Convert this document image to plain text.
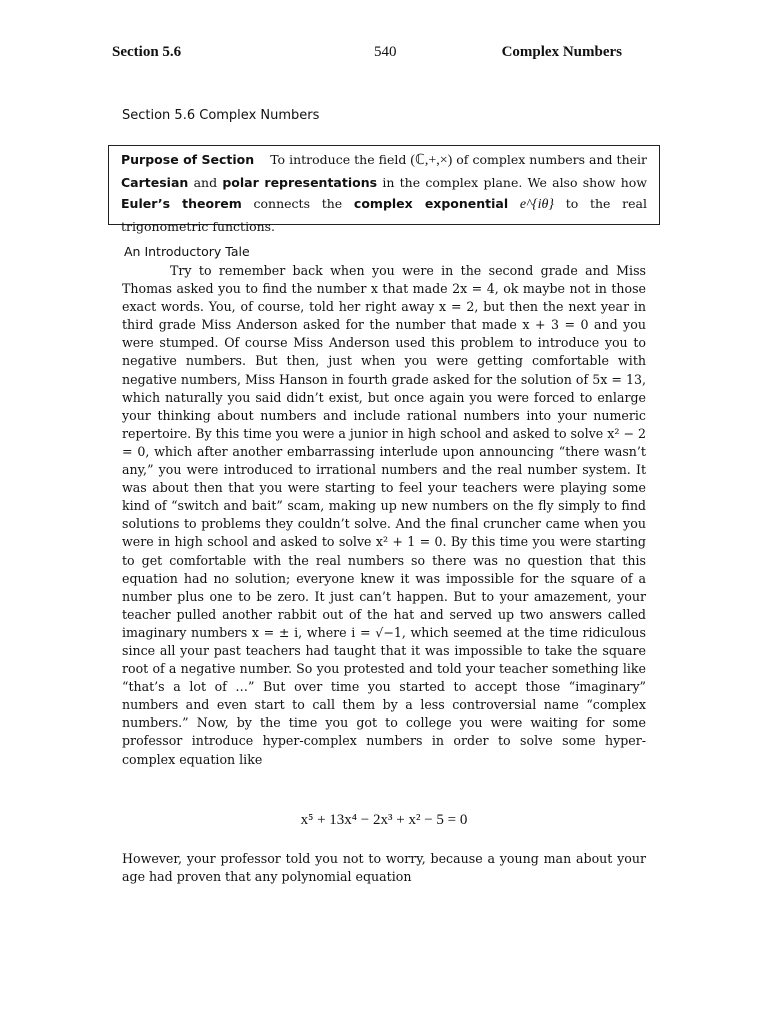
Section 5.6	540	Complex Numbers
Section 5.6 Complex Numbers

Purpose of Section To introduce the field (ℂ,+,×) of complex numbers and their Cartesian and polar representations in the complex plane. We also show how Euler’s theorem connects the complex exponential e^{iθ} to the real trigonometric functions.

An Introductory Tale

Try to remember back when you were in the second grade and Miss Thomas asked you to find the number x that made 2x = 4, ok maybe not in those exact words. You, of course, told her right away x = 2, but then the next year in third grade Miss Anderson asked for the number that made x + 3 = 0 and you were stumped. Of course Miss Anderson used this problem to introduce you to negative numbers. But then, just when you were getting comfortable with negative numbers, Miss Hanson in fourth grade asked for the solution of 5x = 13, which naturally you said didn’t exist, but once again you were forced to enlarge your thinking about numbers and include rational numbers into your numeric repertoire. By this time you were a junior in high school and asked to solve x² − 2 = 0, which after another embarrassing interlude upon announcing “there wasn’t any,” you were introduced to irrational numbers and the real number system. It was about then that you were starting to feel your teachers were playing some kind of “switch and bait” scam, making up new numbers on the fly simply to find solutions to problems they couldn’t solve. And the final cruncher came when you were in high school and asked to solve x² + 1 = 0. By this time you were starting to get comfortable with the real numbers so there was no question that this equation had no solution; everyone knew it was impossible for the square of a number plus one to be zero. It just can’t happen. But to your amazement, your teacher pulled another rabbit out of the hat and served up two answers called imaginary numbers x = ± i, where i = √−1, which seemed at the time ridiculous since all your past teachers had taught that it was impossible to take the square root of a negative number. So you protested and told your teacher something like “that’s a lot of …” But over time you started to accept those “imaginary” numbers and even start to call them by a less controversial name “complex numbers.” Now, by the time you got to college you were waiting for some professor introduce hyper-complex numbers in order to solve some hyper-complex equation like

x⁵ + 13x⁴ − 2x³ + x² − 5 = 0

However, your professor told you not to worry, because a young man about your age had proven that any polynomial equation
